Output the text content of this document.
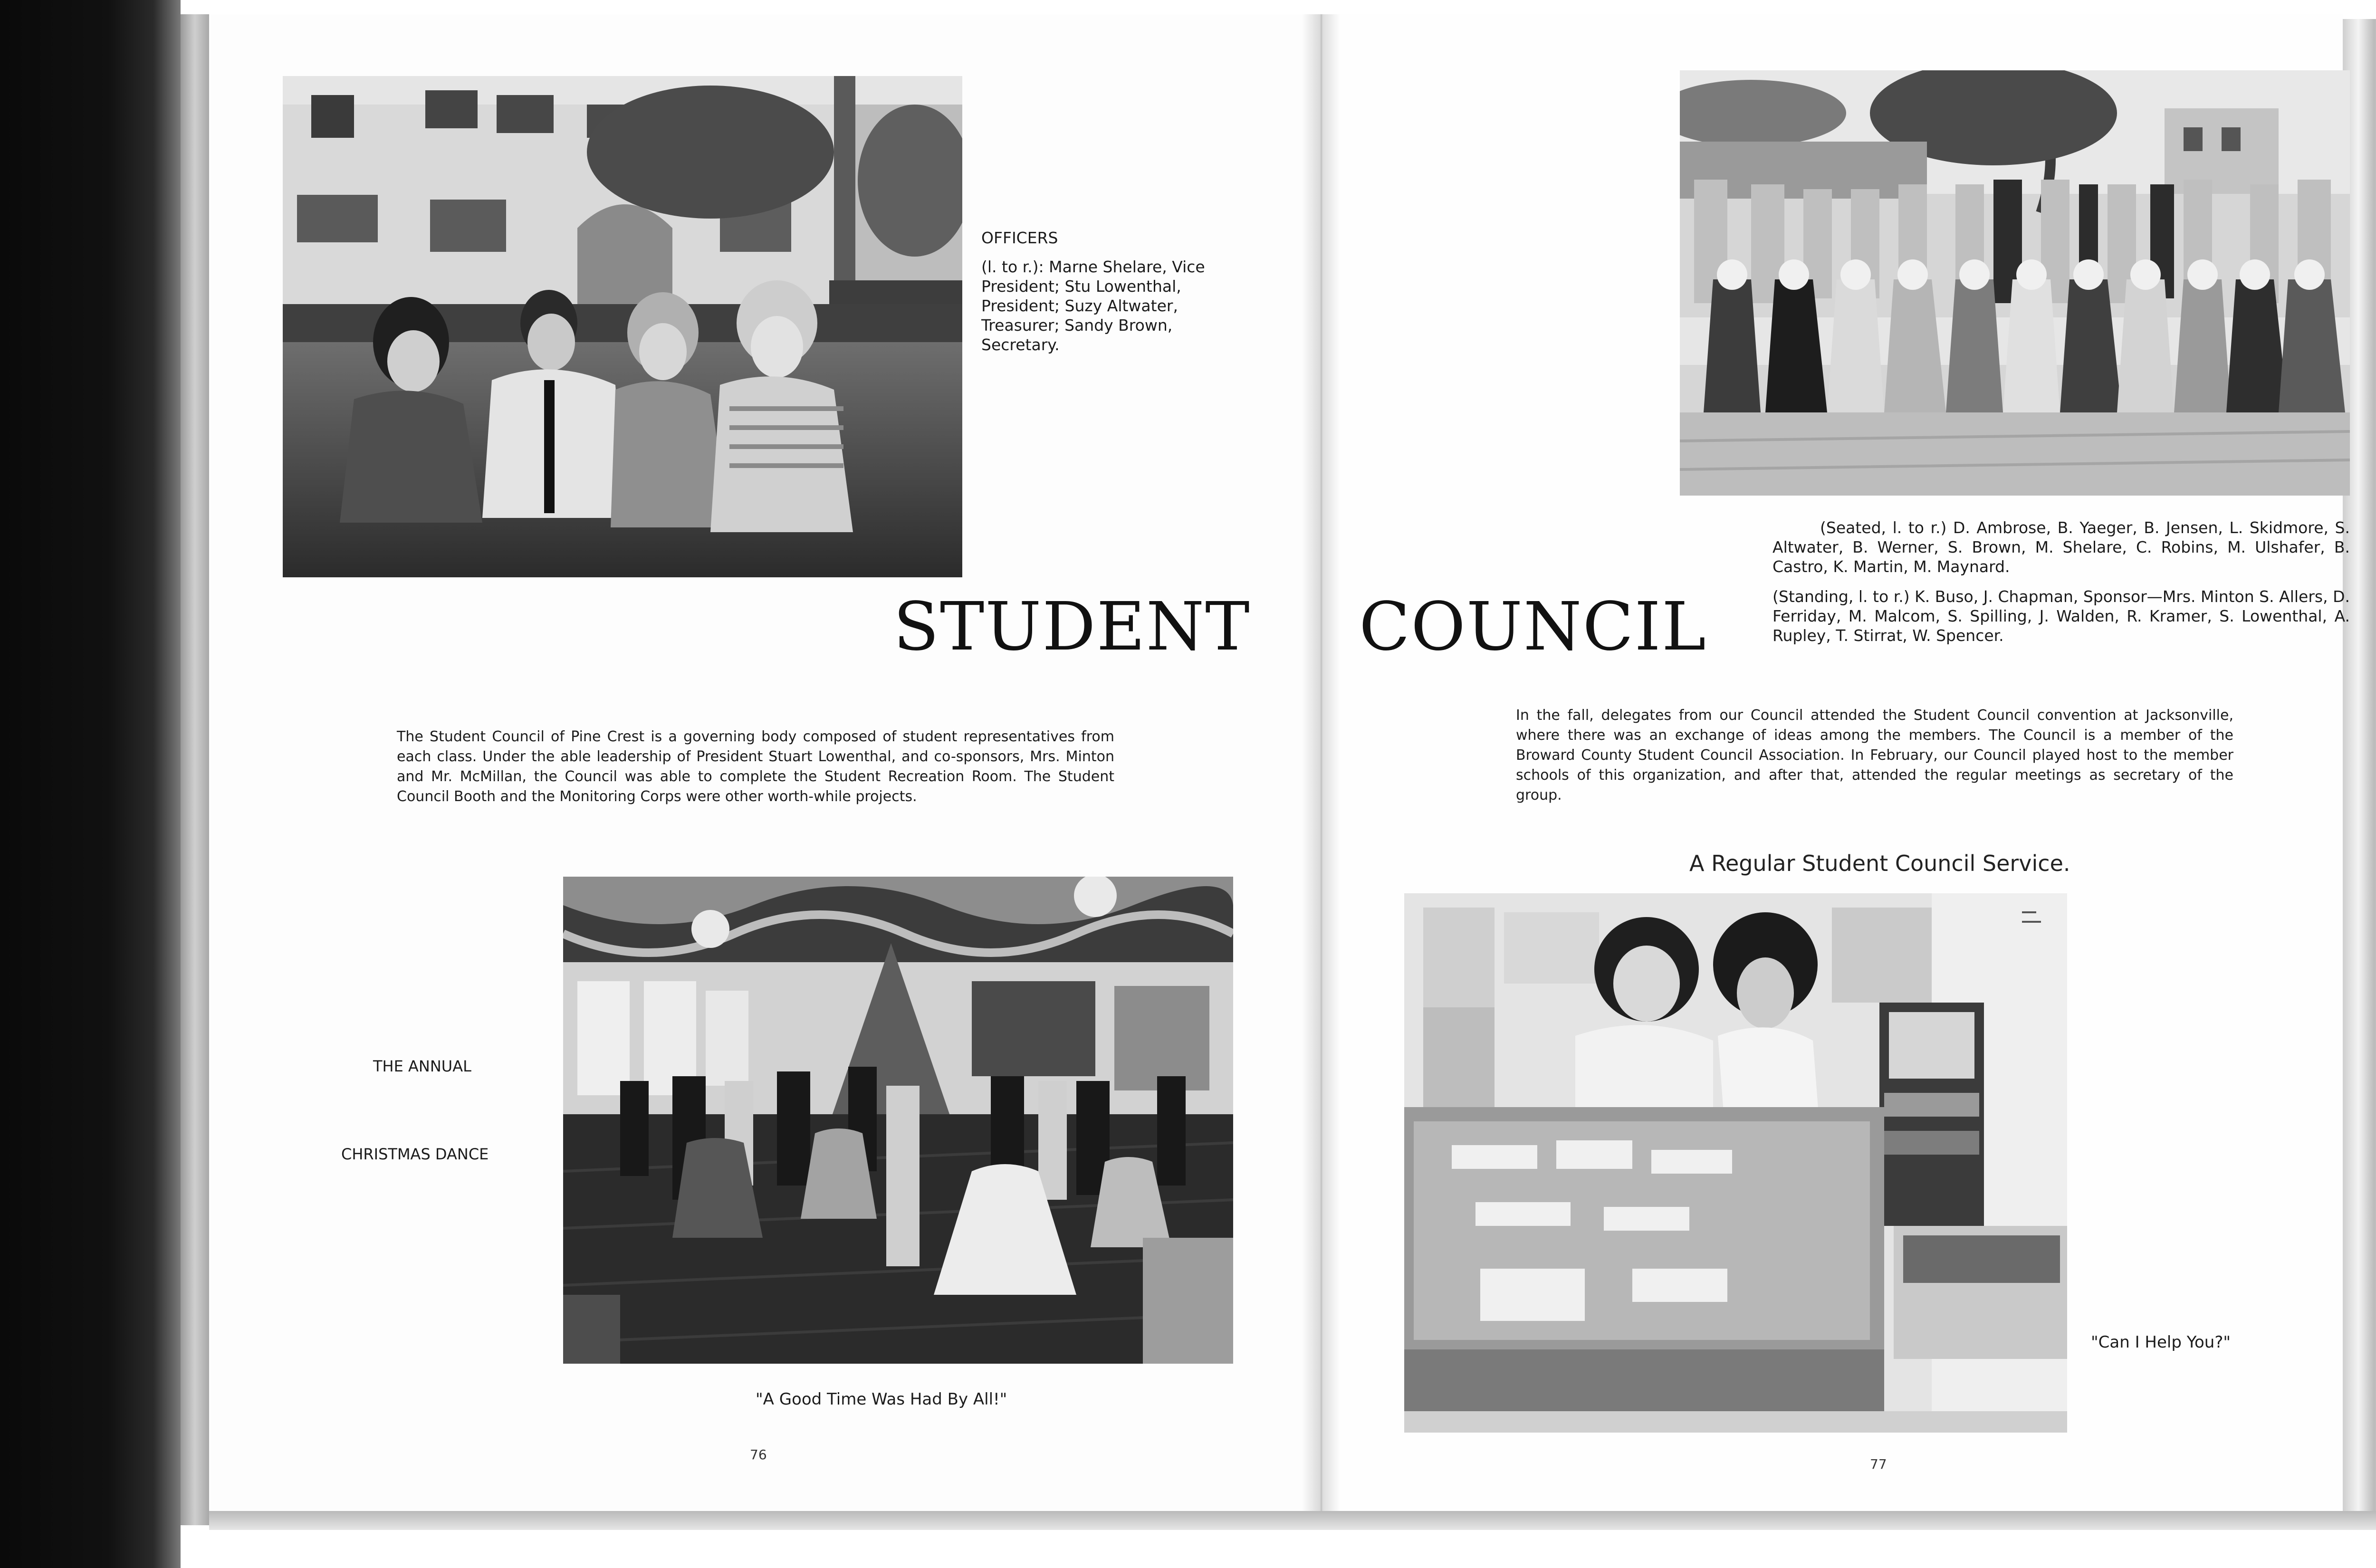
OFFICERS
(l. to r.): Marne Shelare, Vice President; Stu Lowenthal, President; Suzy Altwater, Treasurer; Sandy Brown, Secretary.
STUDENT
The Student Council of Pine Crest is a governing body composed of student representatives from each class. Under the able leadership of President Stuart Lowenthal, and co-sponsors, Mrs. Minton and Mr. McMillan, the Council was able to complete the Student Recreation Room. The Student Council Booth and the Monitoring Corps were other worth-while projects.
THE ANNUAL
CHRISTMAS DANCE
"A Good Time Was Had By All!"
76
(Seated, l. to r.) D. Ambrose, B. Yaeger, B. Jensen, L. Skidmore, S. Altwater, B. Werner, S. Brown, M. Shelare, C. Robins, M. Ulshafer, B. Castro, K. Martin, M. Maynard.
COUNCIL	(Standing, l. to r.) K. Buso, J. Chapman, Sponsor—Mrs. Minton S. Allers, D. Ferriday, M. Malcom, S. Spilling, J. Walden, R. Kramer, S. Lowenthal, A. Rupley, T. Stirrat, W. Spencer.
In the fall, delegates from our Council attended the Student Council convention at Jacksonville, where there was an exchange of ideas among the members. The Council is a member of the Broward County Student Council Association. In February, our Council played host to the member schools of this organization, and after that, attended the regular meetings as secretary of the group.
A Regular Student Council Service.
"Can I Help You?"
77
